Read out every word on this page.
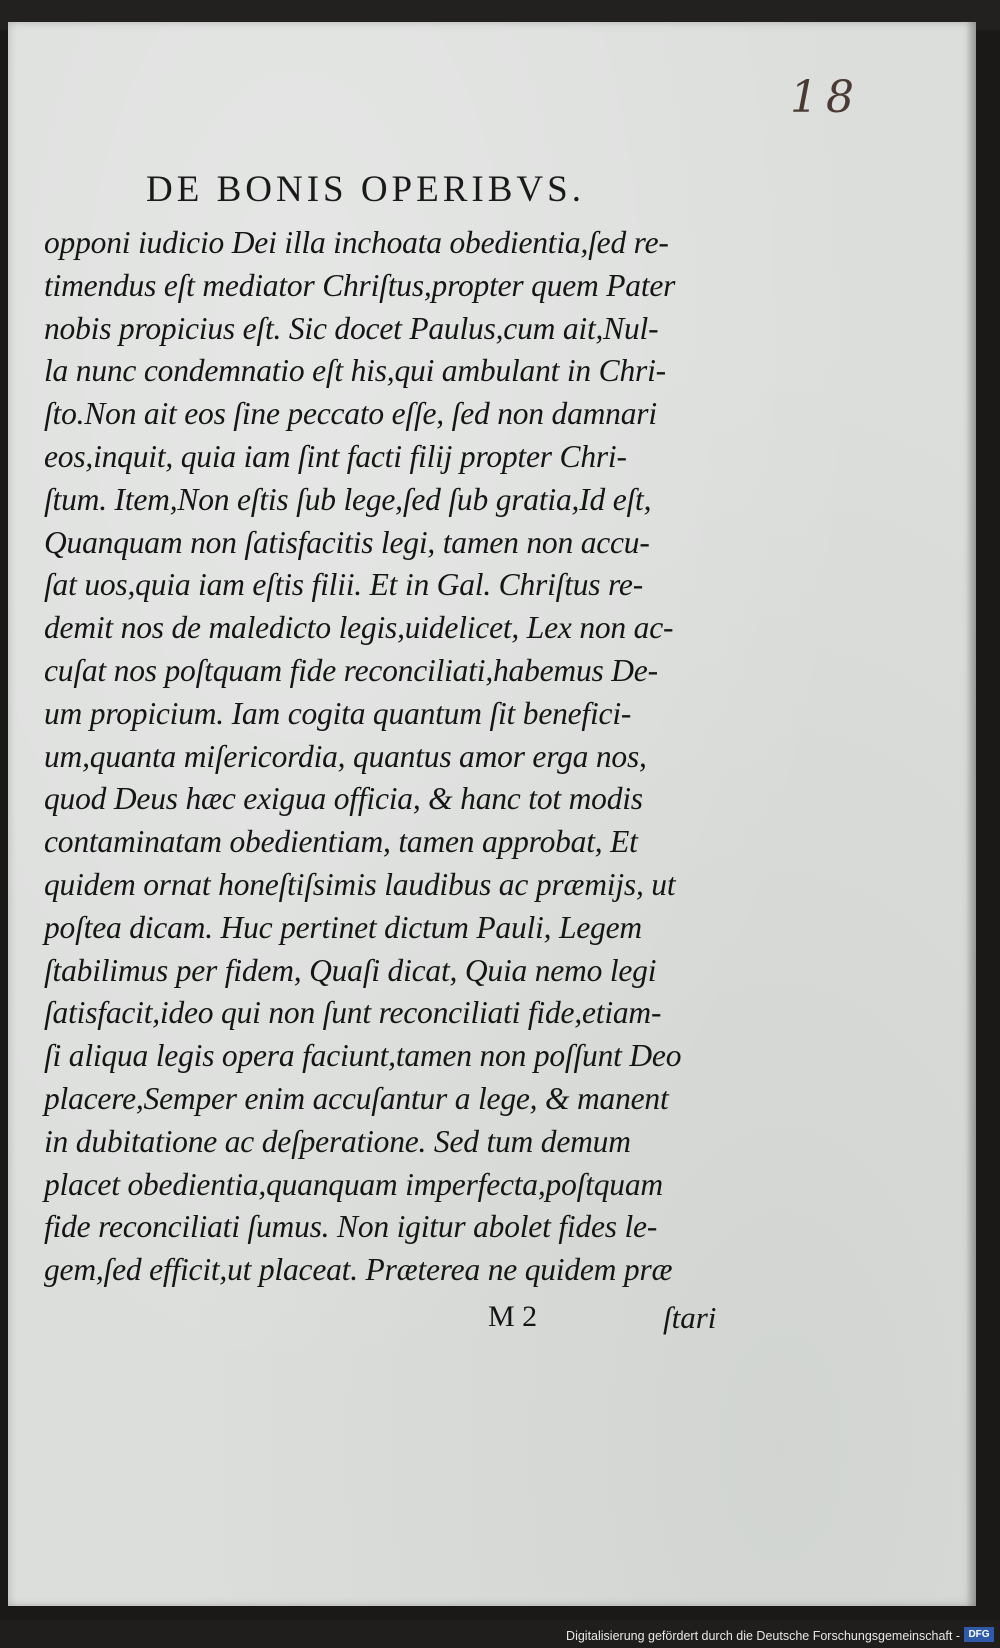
18
DE BONIS OPERIBVS.
opponi iudicio Dei illa inchoata obedientia,ſed re-
timendus eſt mediator Chriſtus,propter quem Pater
nobis propicius eſt. Sic docet Paulus,cum ait,Nul-
la nunc condemnatio eſt his,qui ambulant in Chri-
ſto.Non ait eos ſine peccato eſſe, ſed non damnari
eos,inquit, quia iam ſint facti filij propter Chri-
ſtum. Item,Non eſtis ſub lege,ſed ſub gratia,Id eſt,
Quanquam non ſatisfacitis legi, tamen non accu-
ſat uos,quia iam eſtis filii. Et in Gal. Chriſtus re-
demit nos de maledicto legis,uidelicet, Lex non ac-
cuſat nos poſtquam fide reconciliati,habemus De-
um propicium. Iam cogita quantum ſit benefici-
um,quanta miſericordia, quantus amor erga nos,
quod Deus hæc exigua officia, & hanc tot modis
contaminatam obedientiam, tamen approbat, Et
quidem ornat honeſtiſsimis laudibus ac præmijs, ut
poſtea dicam. Huc pertinet dictum Pauli, Legem
ſtabilimus per fidem, Quaſi dicat, Quia nemo legi
ſatisfacit,ideo qui non ſunt reconciliati fide,etiam-
ſi aliqua legis opera faciunt,tamen non poſſunt Deo
placere,Semper enim accuſantur a lege, & manent
in dubitatione ac deſperatione. Sed tum demum
placet obedientia,quanquam imperfecta,poſtquam
fide reconciliati ſumus. Non igitur abolet fides le-
gem,ſed efficit,ut placeat. Præterea ne quidem præ
M 2	ſtari
Digitalisierung gefördert durch die Deutsche Forschungsgemeinschaft - DFG
